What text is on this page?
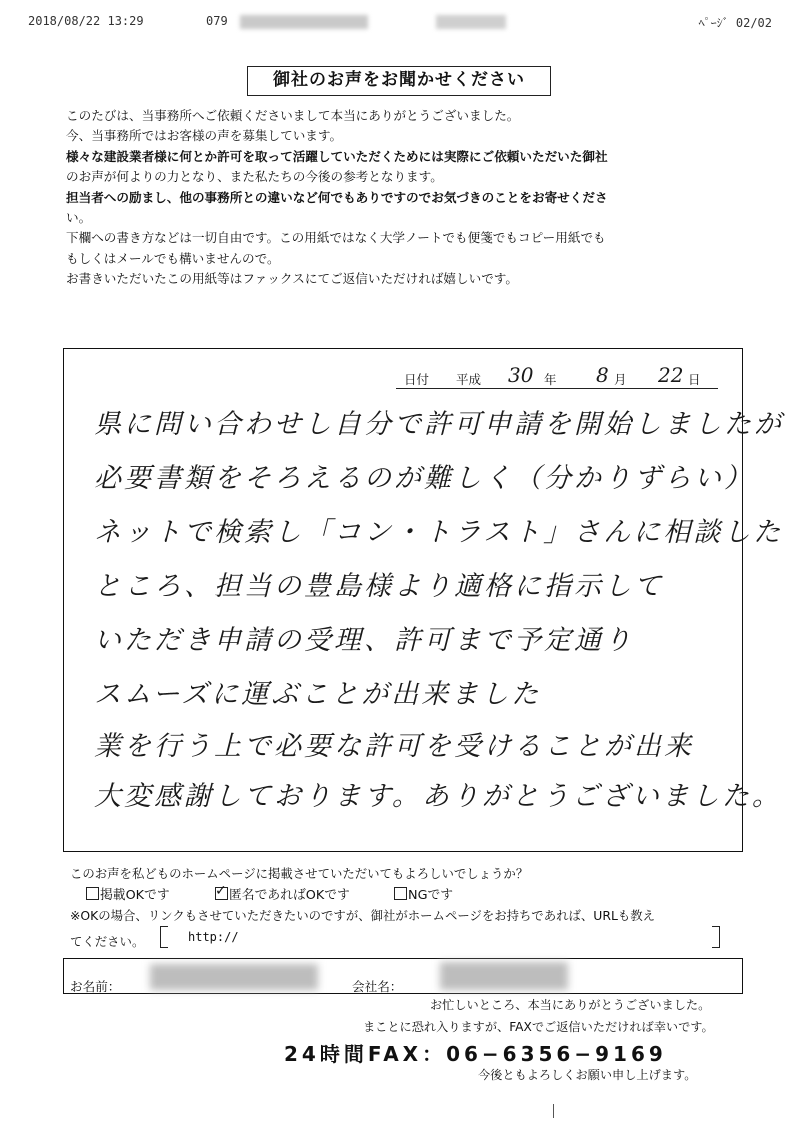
2018/08/22 13:29	079	ﾍﾟｰｼﾞ 02/02
御社のお声をお聞かせください

このたびは、当事務所へご依頼くださいまして本当にありがとうございました。

今、当事務所ではお客様の声を募集しています。

様々な建設業者様に何とか許可を取って活躍していただくためには実際にご依頼いただいた御社

のお声が何よりの力となり、また私たちの今後の参考となります。

担当者への励まし、他の事務所との違いなど何でもありですのでお気づきのことをお寄せくださ

い。

下欄への書き方などは一切自由です。この用紙ではなく大学ノートでも便箋でもコピー用紙でも

もしくはメールでも構いませんので。

お書きいただいたこの用紙等はファックスにてご返信いただければ嬉しいです。

日付 平成 30 年 8 月 22 日
県に問い合わせし自分で許可申請を開始しましたが
必要書類をそろえるのが難しく（分かりずらい）
ネットで検索し「コン・トラスト」さんに相談した
ところ、担当の豊島様より適格に指示して
いただき申請の受理、許可まで予定通り
スムーズに運ぶことが出来ました
業を行う上で必要な許可を受けることが出来
大変感謝しております。ありがとうございました。
このお声を私どものホームページに掲載させていただいてもよろしいでしょうか？
掲載OKです
✓	匿名であればOKです	NGです
※OKの場合、リンクもさせていただきたいのですが、御社がホームページをお持ちであれば、URLも教え
てください。	http://
お名前：	会社名：
お忙しいところ、本当にありがとうございました。
まことに恐れ入りますが、FAXでご返信いただければ幸いです。
24時間FAX：06−6356−9169
今後ともよろしくお願い申し上げます。
